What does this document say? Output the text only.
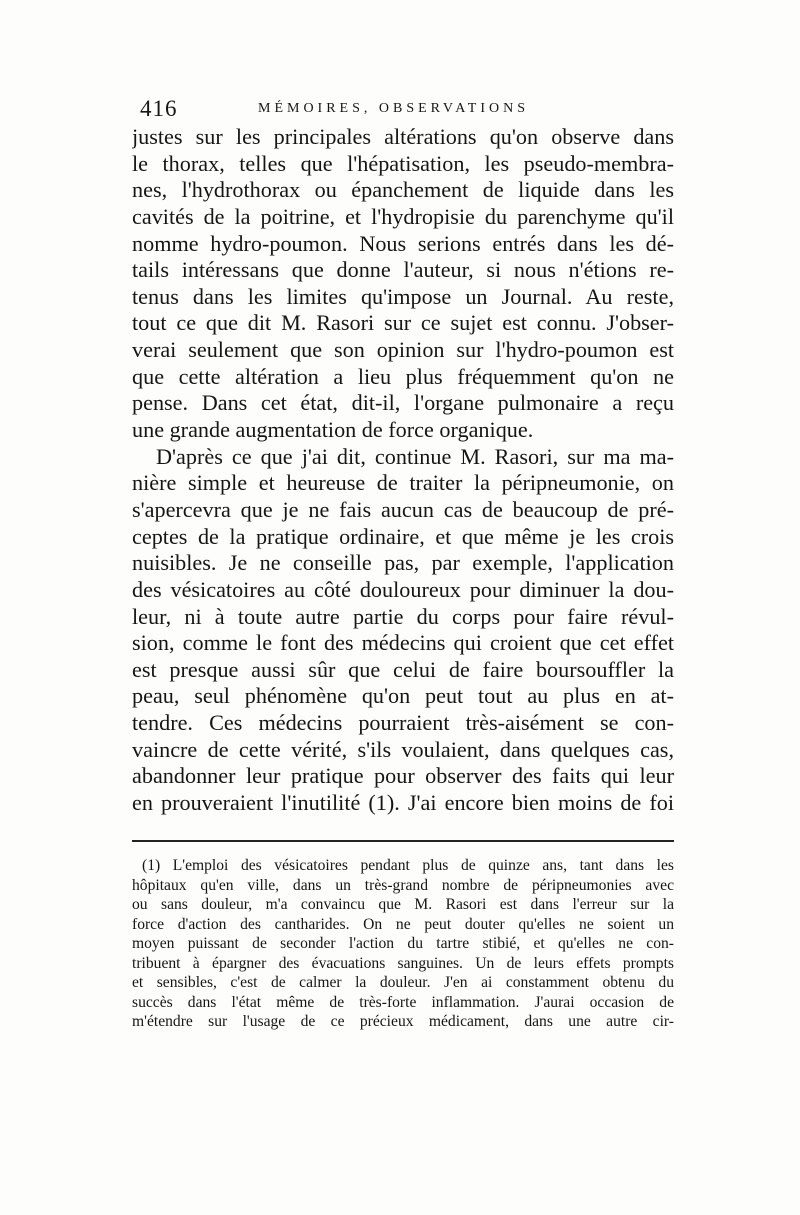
416	MÉMOIRES, OBSERVATIONS
justes sur les principales altérations qu'on observe dans
le thorax, telles que l'hépatisation, les pseudo-membra-
nes, l'hydrothorax ou épanchement de liquide dans les
cavités de la poitrine, et l'hydropisie du parenchyme qu'il
nomme hydro-poumon. Nous serions entrés dans les dé-
tails intéressans que donne l'auteur, si nous n'étions re-
tenus dans les limites qu'impose un Journal. Au reste,
tout ce que dit M. Rasori sur ce sujet est connu. J'obser-
verai seulement que son opinion sur l'hydro-poumon est
que cette altération a lieu plus fréquemment qu'on ne
pense. Dans cet état, dit-il, l'organe pulmonaire a reçu
une grande augmentation de force organique.
D'après ce que j'ai dit, continue M. Rasori, sur ma ma-
nière simple et heureuse de traiter la péripneumonie, on
s'apercevra que je ne fais aucun cas de beaucoup de pré-
ceptes de la pratique ordinaire, et que même je les crois
nuisibles. Je ne conseille pas, par exemple, l'application
des vésicatoires au côté douloureux pour diminuer la dou-
leur, ni à toute autre partie du corps pour faire révul-
sion, comme le font des médecins qui croient que cet effet
est presque aussi sûr que celui de faire boursouffler la
peau, seul phénomène qu'on peut tout au plus en at-
tendre. Ces médecins pourraient très-aisément se con-
vaincre de cette vérité, s'ils voulaient, dans quelques cas,
abandonner leur pratique pour observer des faits qui leur
en prouveraient l'inutilité (1). J'ai encore bien moins de foi
(1) L'emploi des vésicatoires pendant plus de quinze ans, tant dans les
hôpitaux qu'en ville, dans un très-grand nombre de péripneumonies avec
ou sans douleur, m'a convaincu que M. Rasori est dans l'erreur sur la
force d'action des cantharides. On ne peut douter qu'elles ne soient un
moyen puissant de seconder l'action du tartre stibié, et qu'elles ne con-
tribuent à épargner des évacuations sanguines. Un de leurs effets prompts
et sensibles, c'est de calmer la douleur. J'en ai constamment obtenu du
succès dans l'état même de très-forte inflammation. J'aurai occasion de
m'étendre sur l'usage de ce précieux médicament, dans une autre cir-
